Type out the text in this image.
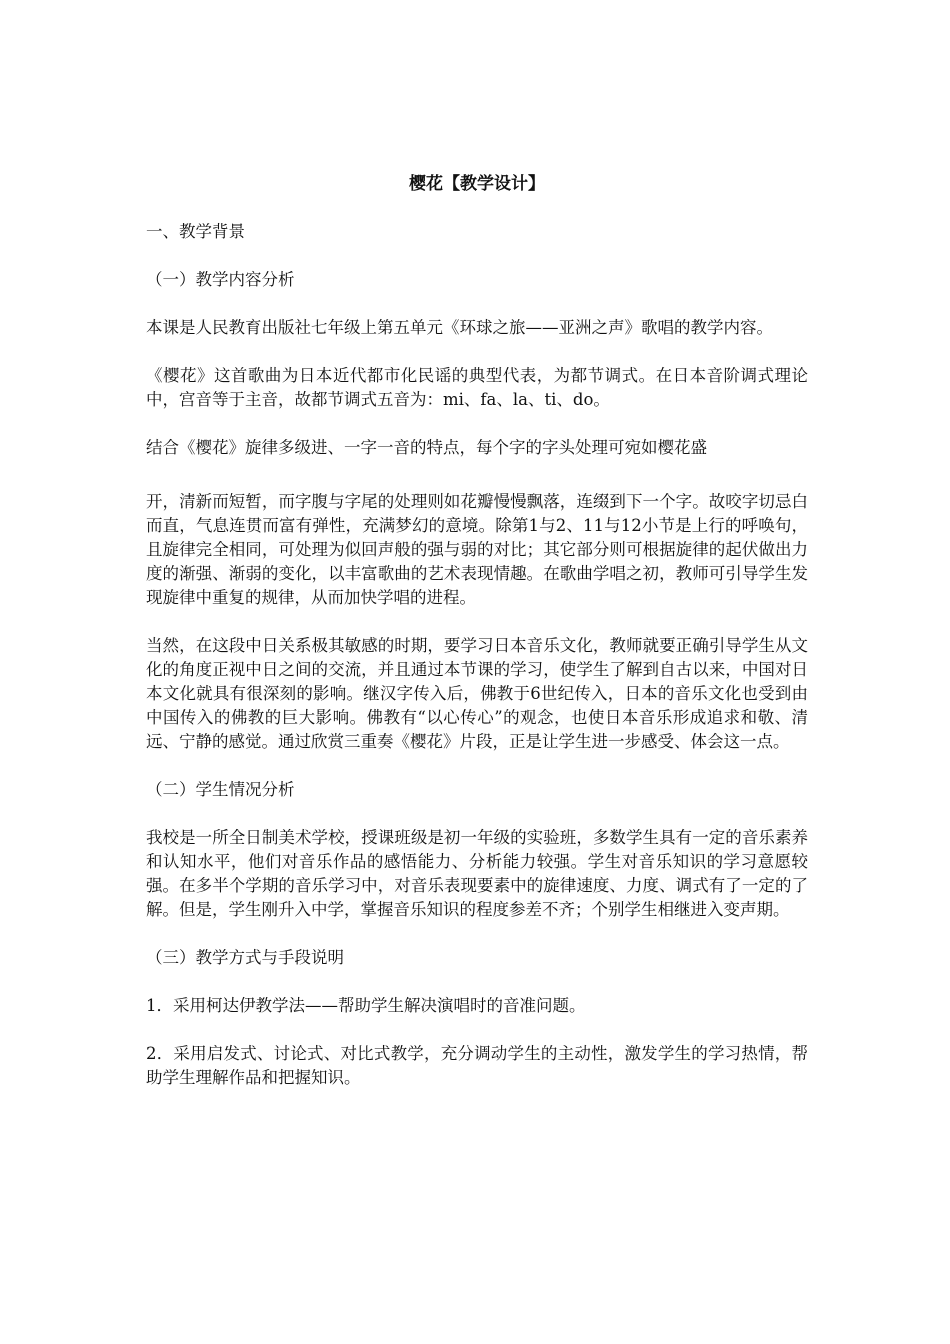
樱花【教学设计】
一、教学背景
（一）教学内容分析
本课是人民教育出版社七年级上第五单元《环球之旅——亚洲之声》歌唱的教学内容。
《樱花》这首歌曲为日本近代都市化民谣的典型代表，为都节调式。在日本音阶调式理论中，宫音等于主音，故都节调式五音为：mi、fa、la、ti、do。
结合《樱花》旋律多级进、一字一音的特点，每个字的字头处理可宛如樱花盛
开，清新而短暂，而字腹与字尾的处理则如花瓣慢慢飘落，连缀到下一个字。故咬字切忌白而直，气息连贯而富有弹性，充满梦幻的意境。除第1与2、11与12小节是上行的呼唤句，且旋律完全相同，可处理为似回声般的强与弱的对比；其它部分则可根据旋律的起伏做出力度的渐强、渐弱的变化，以丰富歌曲的艺术表现情趣。在歌曲学唱之初，教师可引导学生发现旋律中重复的规律，从而加快学唱的进程。
当然，在这段中日关系极其敏感的时期，要学习日本音乐文化，教师就要正确引导学生从文化的角度正视中日之间的交流，并且通过本节课的学习，使学生了解到自古以来，中国对日本文化就具有很深刻的影响。继汉字传入后，佛教于6世纪传入，日本的音乐文化也受到由中国传入的佛教的巨大影响。佛教有“以心传心”的观念，也使日本音乐形成追求和敬、清远、宁静的感觉。通过欣赏三重奏《樱花》片段，正是让学生进一步感受、体会这一点。
（二）学生情况分析
我校是一所全日制美术学校，授课班级是初一年级的实验班，多数学生具有一定的音乐素养和认知水平，他们对音乐作品的感悟能力、分析能力较强。学生对音乐知识的学习意愿较强。在多半个学期的音乐学习中，对音乐表现要素中的旋律速度、力度、调式有了一定的了解。但是，学生刚升入中学，掌握音乐知识的程度参差不齐；个别学生相继进入变声期。
（三）教学方式与手段说明
1．采用柯达伊教学法——帮助学生解决演唱时的音准问题。
2．采用启发式、讨论式、对比式教学，充分调动学生的主动性，激发学生的学习热情，帮助学生理解作品和把握知识。
